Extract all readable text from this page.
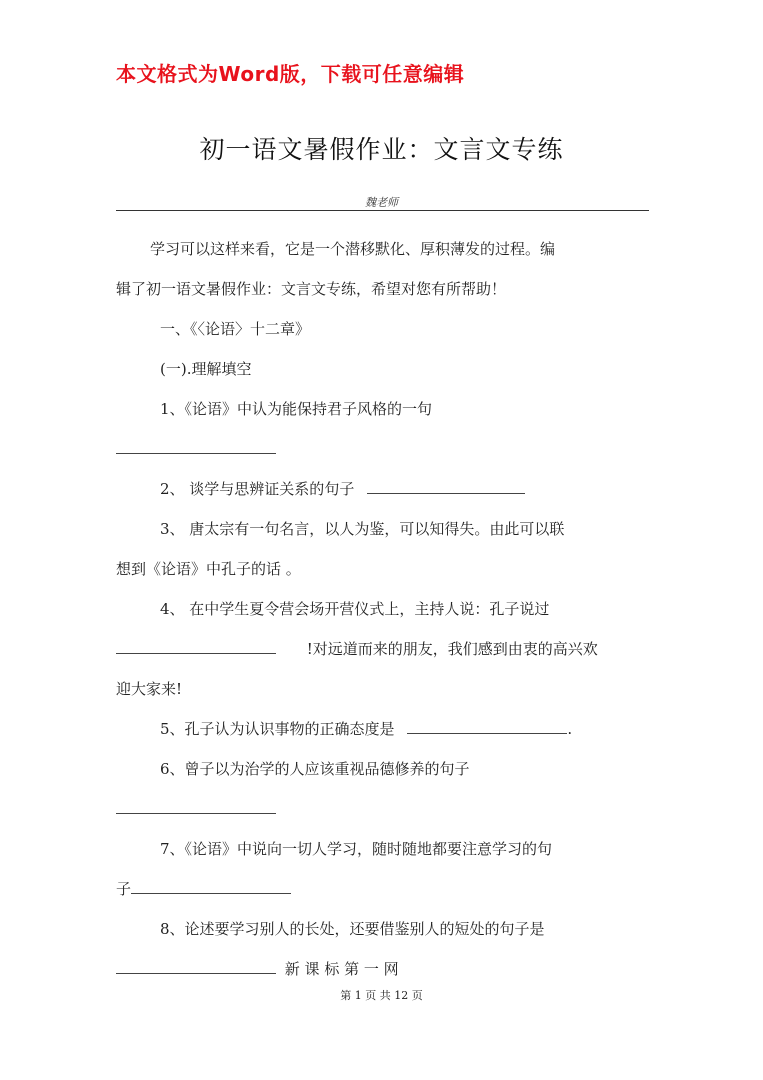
本文格式为Word版，下载可任意编辑
初一语文暑假作业：文言文专练
魏老师
学习可以这样来看，它是一个潜移默化、厚积薄发的过程。编
辑了初一语文暑假作业：文言文专练，希望对您有所帮助！
一、《〈论语〉十二章》
(一).理解填空
1、《论语》中认为能保持君子风格的一句
2、 谈学与思辨证关系的句子
3、 唐太宗有一句名言，以人为鉴，可以知得失。由此可以联
想到《论语》中孔子的话 。
4、 在中学生夏令营会场开营仪式上，主持人说：孔子说过
!对远道而来的朋友，我们感到由衷的高兴欢
迎大家来!
5、孔子认为认识事物的正确态度是	.
6、曾子以为治学的人应该重视品德修养的句子
7、《论语》中说向一切人学习，随时随地都要注意学习的句
子
8、论述要学习别人的长处，还要借鉴别人的短处的句子是
新 课 标 第 一 网
第 1 页 共 12 页
